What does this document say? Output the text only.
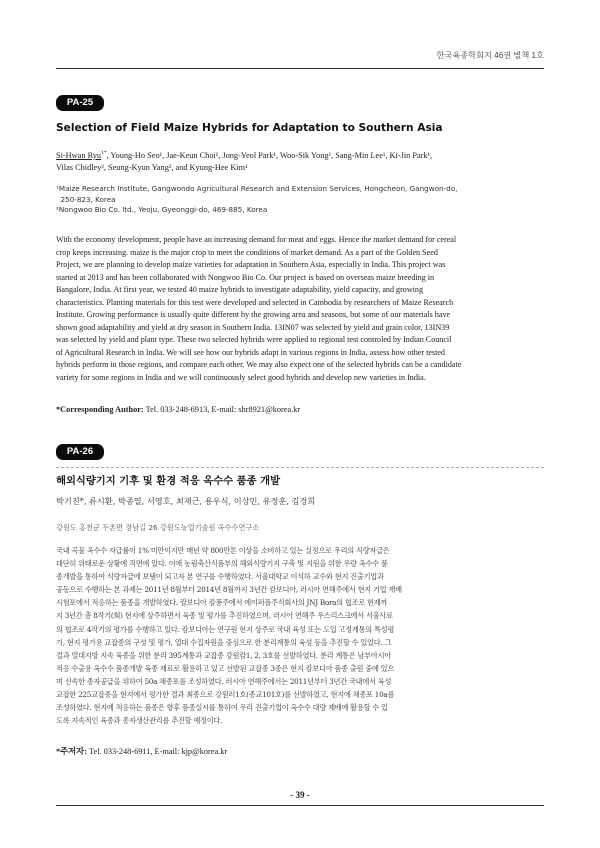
한국육종학회지 46권 별책 1호
PA-25
Selection of Field Maize Hybrids for Adaptation to Southern Asia
Si-Hwan Ryu$^{1*}$, Young-Ho Seo¹, Jae-Keun Choi¹, Jong-Yeol Park¹, Woo-Sik Yong¹, Sang-Min Lee¹, Ki-Jin Park¹,
Vilas Chidley², Seung-Kyun Yang², and Kyung-Hee Kim¹
¹Maize Research Institute, Gangwondo Agricultural Research and Extension Services, Hongcheon, Gangwon-do,
250-823, Korea
²Nongwoo Bio Co. ltd., Yeoju, Gyeonggi-do, 469-885, Korea
With the economy development, people have an increasing demand for meat and eggs. Hence the market demand for cereal
crop keeps increasing. maize is the major crop to meet the conditions of market demand. As a part of the Golden Seed
Project, we are planning to develop maize varieties for adaptation in Southern Asia, especially in India. This project was
started at 2013 and has been collaborated with Nongwoo Bio Co. Our project is based on overseas maize breeding in
Bangalore, India. At first year, we tested 40 maize hybrids to investigate adaptability, yield capacity, and growing
characteristics. Planting materials for this test were developed and selected in Cambodia by researchers of Maize Research
Institute. Growing performance is usually quite different by the growing area and seasons, but some of our materials have
shown good adaptability and yield at dry season in Southern India. 13IN07 was selected by yield and grain color, 13IN39
was selected by yield and plant type. These two selected hybrids were applied to regional test controled by Indian Council
of Agricultural Research in India. We will see how our hybrids adapt in various regions in India, assess how other tested
hybrids perform in those regions, and compare each other. We may also expect one of the selected hybrids can be a candidate
variety for some regions in India and we will continuously select good hybrids and develop new varieties in India.
*Corresponding Author: Tel. 033-248-6913, E-mail: shr8921@korea.kr
PA-26
해외식량기지 기후 및 환경 적응 옥수수 품종 개발
박기진*, 류시환, 박종열, 서영호, 최재근, 용우식, 이상민, 유정훈, 김경희
강원도 홍천군 두촌면 장남길 26 강원도농업기술원 옥수수연구소
국내 곡물 옥수수 자급률이 1% 미만이지만 매년 약 800만톤 이상을 소비하고 있는 실정으로 우리의 식량자급은
대단히 위태로운 상황에 직면에 있다. 이에 농림축산식품부의 해외식량기지 구축 및 지원을 위한 우량 옥수수 품
종개발을 통하여 식량자급에 보탬이 되고자 본 연구를 수행하였다. 서울대학교 이석하 교수와 현지 진출기업과
공동으로 수행하는 본 과제는 2011년 8월부터 2014년 8월까지 3년간 캄보디아, 러시아 연해주에서 현지 기업 재배
시험포에서 적응하는 품종을 개발하였다. 캄보디아 캄퐁주에서 에이퍼플주식회사의 JNJ Bora의 협조로 현재까
지 3년간 총 8작기(회) 현지에 상주하면서 육종 및 평가를 추진하였으며, 러시아 연해주 우스리스크에서 서울사료
의 협조로 4작기의 평가를 수행하고 있다. 캄보디아는 연구원 현지 상주로 국내 육성 또는 도입 고정계통의 특성평
가, 현지 평가용 교잡종의 구성 및 평가, 열대 수집자원을 중심으로 한 분리계통의 육성 등을 추진할 수 있었다. 그
결과 열대지방 지속 육종을 위한 분리 395계통과 교잡종 강원캄1, 2, 3호를 선발하였다. 분리 계통은 남부아시아
적응 수출용 옥수수 품종개발 육종 재료로 활용하고 있고 선발된 교잡종 3종은 현지 캄보디아 품종 출원 중에 있으
며 신속한 종자공급을 위하여 50a 채종포를 조성하였다. 러시아 연해주에서는 2011년부터 3년간 국내에서 육성
교잡한 225교잡종을 현지에서 평가한 결과 최종으로 강원러1호(종교101호)를 선발하였고, 현지에 채종포 10a를
조성하였다. 현지에 적응하는 품종은 향후 품종실시를 통하여 우리 진출기업이 옥수수 대량 재배에 활용할 수 있
도록 지속적인 육종과 종자생산관리를 추진할 예정이다.
*주저자: Tel. 033-248-6911, E-mail: kjp@korea.kr
- 39 -
